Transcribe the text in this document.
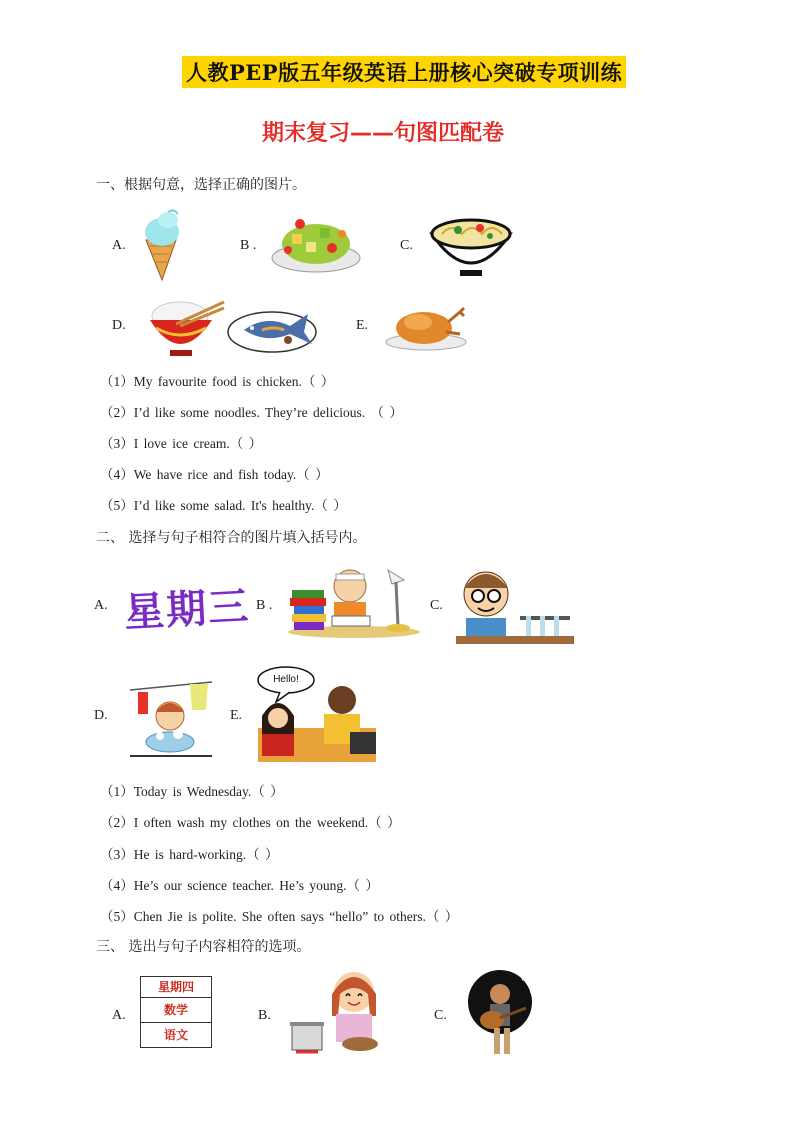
人教PEP版五年级英语上册核心突破专项训练
期末复习——句图匹配卷
一、根据句意，选择正确的图片。
A.	B .	C.
D.	E.
（1）My favourite food is chicken.（ ）
（2）I’d like some noodles. They’re delicious. （ ）
（3）I love ice cream.（ ）
（4）We have rice and fish today.（ ）
（5）I’d like some salad. It's healthy.（ ）
二、 选择与句子相符合的图片填入括号内。
A. 星期三 B .	C.
D.	E.
Hello!
（1）Today is Wednesday.（ ）
（2）I often wash my clothes on the weekend.（ ）
（3）He is hard-working.（ ）
（4）He’s our science teacher. He’s young.（ ）
（5）Chen Jie is polite. She often says “hello” to others.（ ）
三、 选出与句子内容相符的选项。
A.
星期四
数学
语文
B.	C.
